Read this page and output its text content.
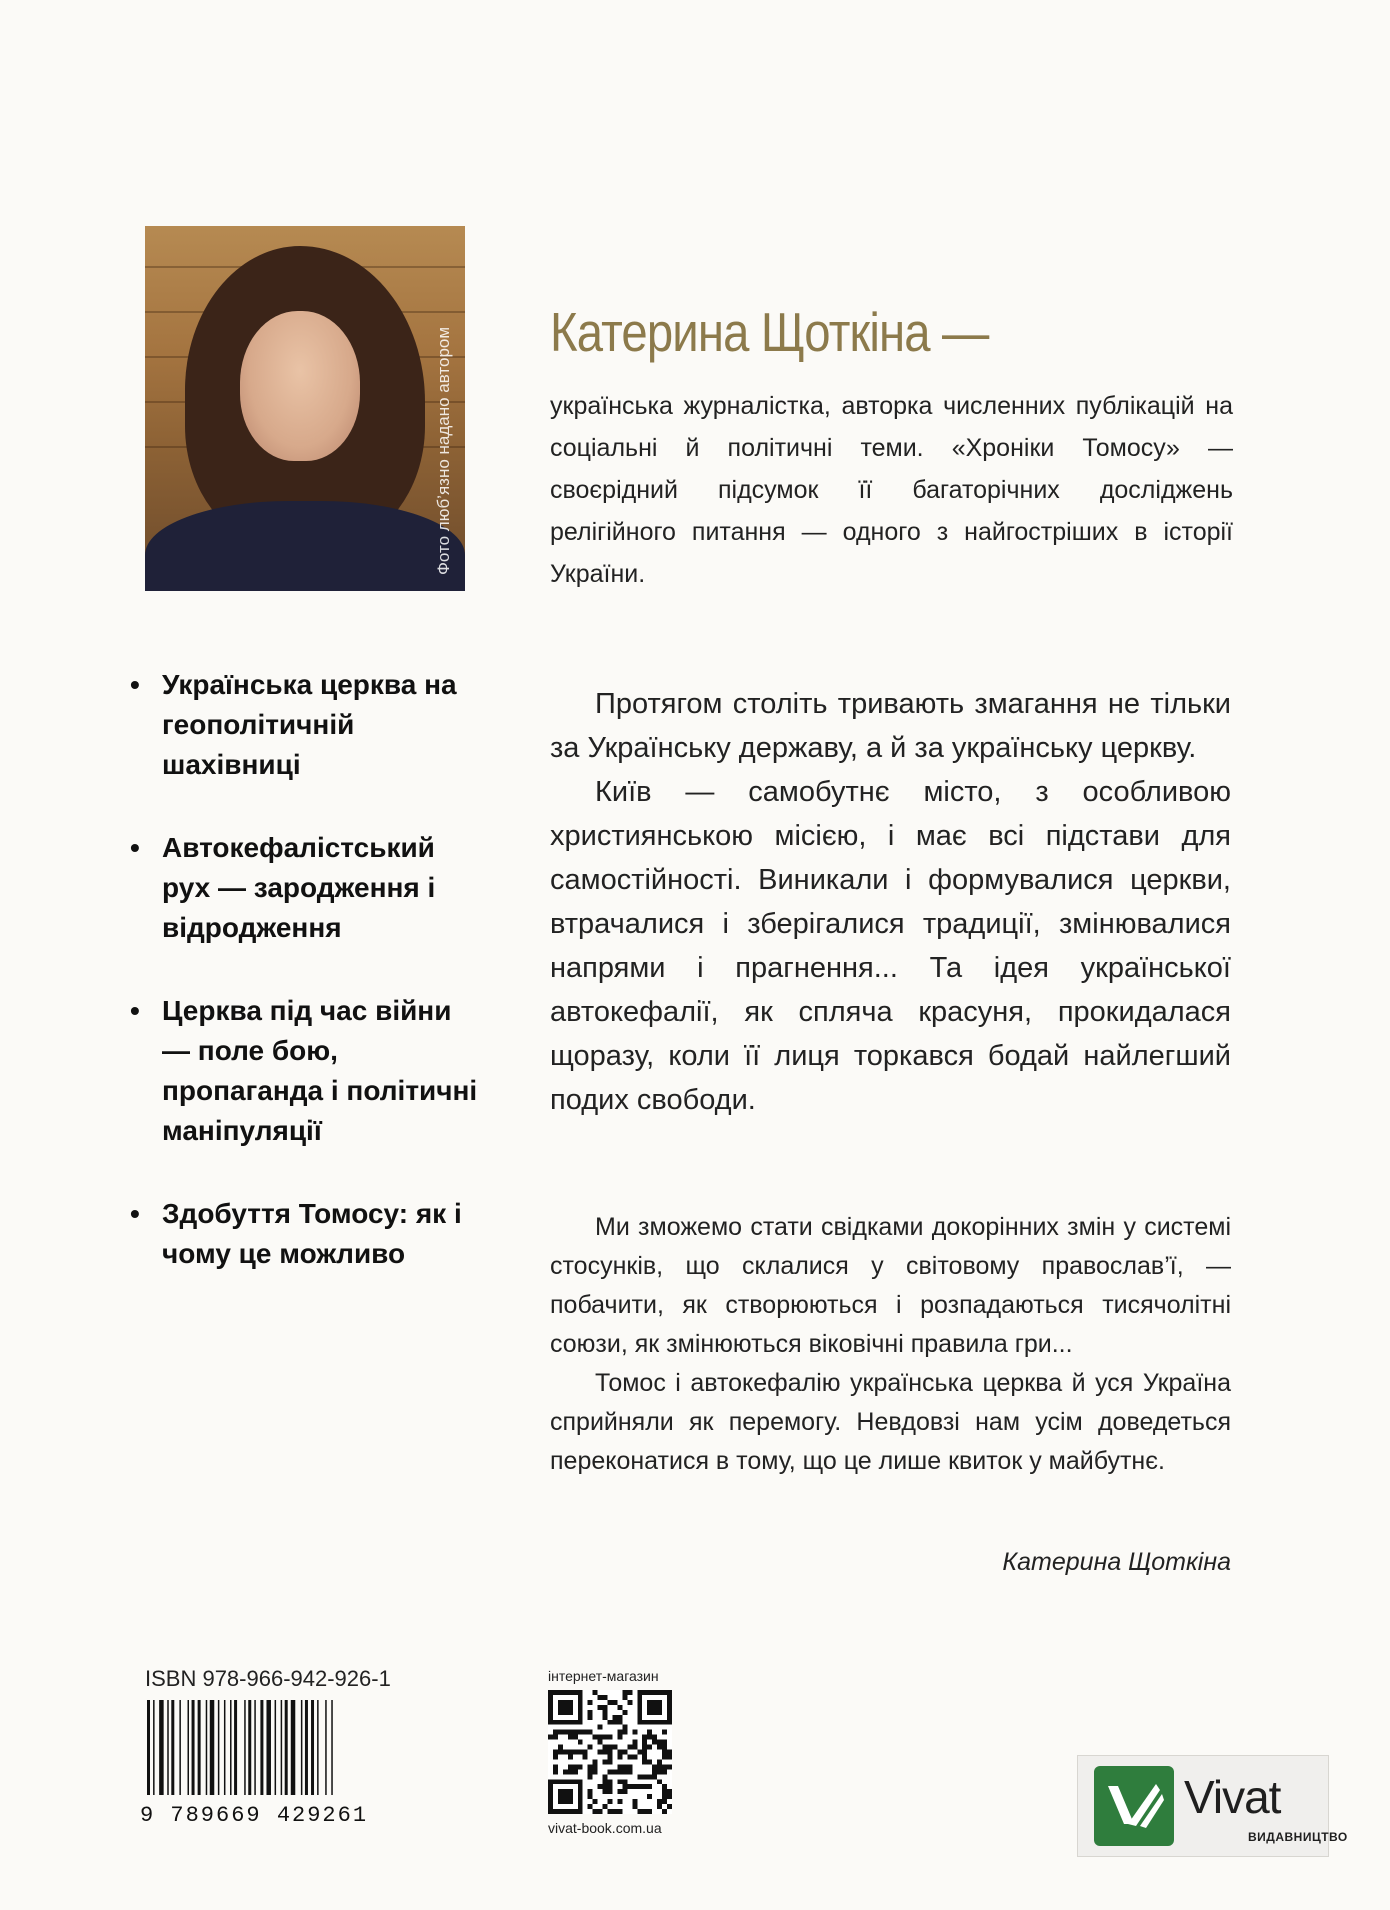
Фото люб’язно надано автором Катерина Щоткіна —
українська журналістка, авторка численних публікацій на соціальні й політичні теми. «Хроніки Томосу» — своєрідний підсумок її багаторічних досліджень релігійного питання — одного з найгостріших в історії України.
• Українська церква на геополітичній шахівниці
• Автокефалістський рух — зародження і відродження
• Церква під час війни — поле бою, пропаганда і політичні маніпуляції
• Здобуття Томосу: як і чому це можливо

Протягом століть тривають змагання не тільки за Українську державу, а й за українську церкву.

Київ — самобутнє місто, з особливою християнською місією, і має всі підстави для самостійності. Виникали і формувалися церкви, втрачалися і зберігалися традиції, змінювалися напрями і прагнення... Та ідея української автокефалії, як спляча красуня, прокидалася щоразу, коли її лиця торкався бодай найлегший подих свободи.

Ми зможемо стати свідками докорінних змін у системі стосунків, що склалися у світовому православ’ї, — побачити, як створюються і розпадаються тисячолітні союзи, як змінюються віковічні правила гри...

Томос і автокефалію українська церква й уся Україна сприйняли як перемогу. Невдовзі нам усім доведеться переконатися в тому, що це лише квиток у майбутнє.

Катерина Щоткіна
ISBN 978-966-942-926-1
9 789669 429261
інтернет-магазин
vivat-book.com.ua
Vivat
ВИДАВНИЦТВО
